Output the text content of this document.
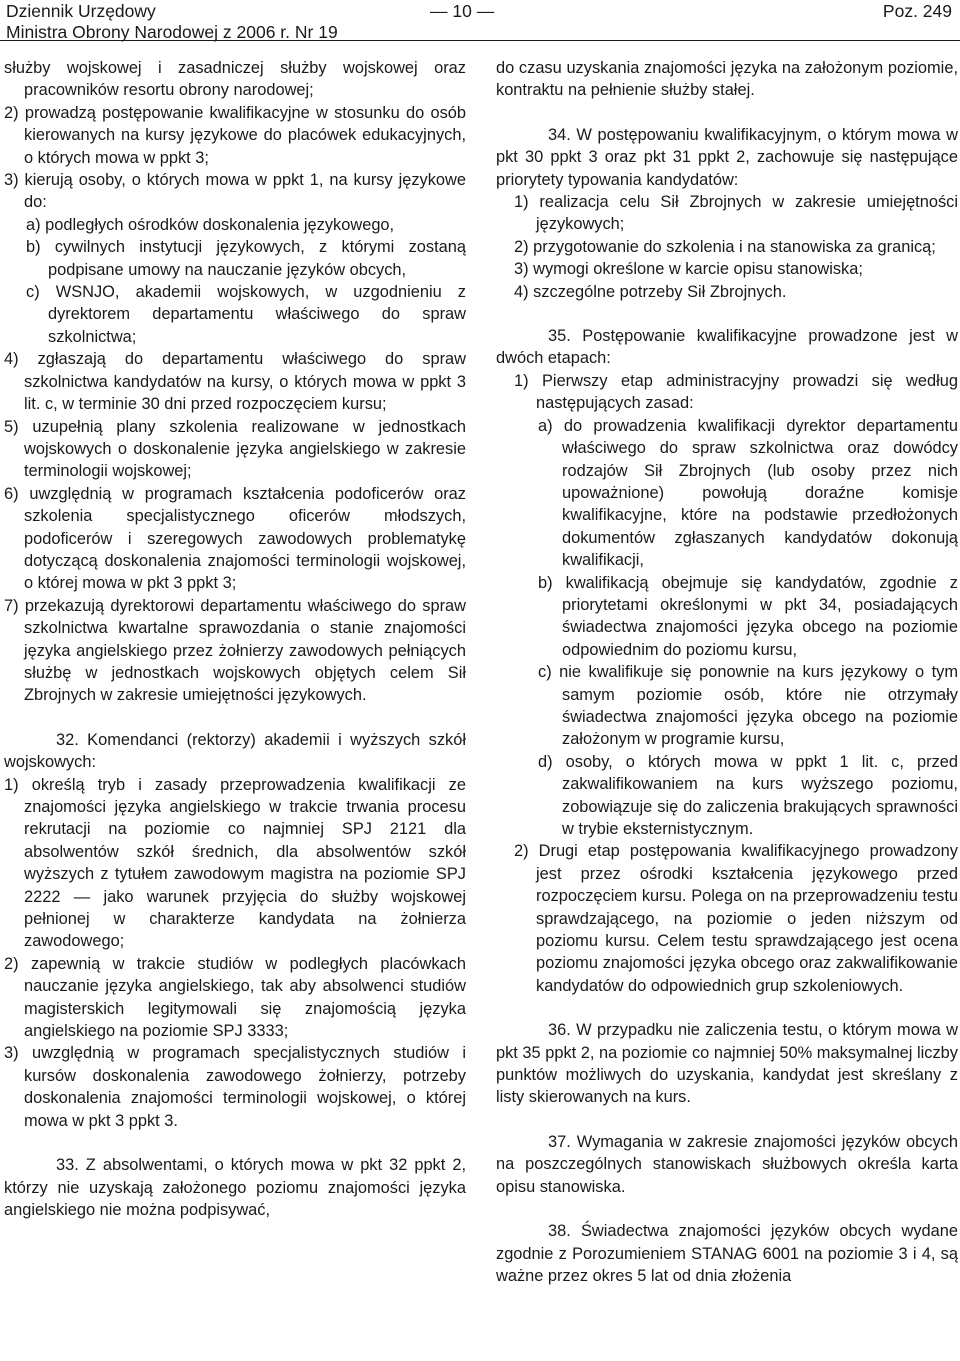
Dziennik Urzędowy
Ministra Obrony Narodowej z 2006 r. Nr 19
— 10 —	Poz. 249

służby wojskowej i zasadniczej służby wojskowej oraz pracowników resortu obrony narodowej;

2) prowadzą postępowanie kwalifikacyjne w stosunku do osób kierowanych na kursy językowe do placówek edukacyjnych, o których mowa w ppkt 3;

3) kierują osoby, o których mowa w ppkt 1, na kursy językowe do:

a) podległych ośrodków doskonalenia językowego,

b) cywilnych instytucji językowych, z którymi zostaną podpisane umowy na nauczanie języków obcych,

c) WSNJO, akademii wojskowych, w uzgodnieniu z dyrektorem departamentu właściwego do spraw szkolnictwa;

4) zgłaszają do departamentu właściwego do spraw szkolnictwa kandydatów na kursy, o których mowa w ppkt 3 lit. c, w terminie 30 dni przed rozpoczęciem kursu;

5) uzupełnią plany szkolenia realizowane w jednostkach wojskowych o doskonalenie języka angielskiego w zakresie terminologii wojskowej;

6) uwzględnią w programach kształcenia podoficerów oraz szkolenia specjalistycznego oficerów młodszych, podoficerów i szeregowych zawodowych problematykę dotyczącą doskonalenia znajomości terminologii wojskowej, o której mowa w pkt 3 ppkt 3;

7) przekazują dyrektorowi departamentu właściwego do spraw szkolnictwa kwartalne sprawozdania o stanie znajomości języka angielskiego przez żołnierzy zawodowych pełniących służbę w jednostkach wojskowych objętych celem Sił Zbrojnych w zakresie umiejętności językowych.

32. Komendanci (rektorzy) akademii i wyższych szkół wojskowych:

1) określą tryb i zasady przeprowadzenia kwalifikacji ze znajomości języka angielskiego w trakcie trwania procesu rekrutacji na poziomie co najmniej SPJ 2121 dla absolwentów szkół średnich, dla absolwentów szkół wyższych z tytułem zawodowym magistra na poziomie SPJ 2222 — jako warunek przyjęcia do służby wojskowej pełnionej w charakterze kandydata na żołnierza zawodowego;

2) zapewnią w trakcie studiów w podległych placówkach nauczanie języka angielskiego, tak aby absolwenci studiów magisterskich legitymowali się znajomością języka angielskiego na poziomie SPJ 3333;

3) uwzględnią w programach specjalistycznych studiów i kursów doskonalenia zawodowego żołnierzy, potrzeby doskonalenia znajomości terminologii wojskowej, o której mowa w pkt 3 ppkt 3.

33. Z absolwentami, o których mowa w pkt 32 ppkt 2, którzy nie uzyskają założonego poziomu znajomości języka angielskiego nie można podpisywać,

do czasu uzyskania znajomości języka na założonym poziomie, kontraktu na pełnienie służby stałej.

34. W postępowaniu kwalifikacyjnym, o którym mowa w pkt 30 ppkt 3 oraz pkt 31 ppkt 2, zachowuje się następujące priorytety typowania kandydatów:

1) realizacja celu Sił Zbrojnych w zakresie umiejętności językowych;

2) przygotowanie do szkolenia i na stanowiska za granicą;

3) wymogi określone w karcie opisu stanowiska;

4) szczególne potrzeby Sił Zbrojnych.

35. Postępowanie kwalifikacyjne prowadzone jest w dwóch etapach:

1) Pierwszy etap administracyjny prowadzi się według następujących zasad:

a) do prowadzenia kwalifikacji dyrektor departamentu właściwego do spraw szkolnictwa oraz dowódcy rodzajów Sił Zbrojnych (lub osoby przez nich upoważnione) powołują doraźne komisje kwalifikacyjne, które na podstawie przedłożonych dokumentów zgłaszanych kandydatów dokonują kwalifikacji,

b) kwalifikacją obejmuje się kandydatów, zgodnie z priorytetami określonymi w pkt 34, posiadających świadectwa znajomości języka obcego na poziomie odpowiednim do poziomu kursu,

c) nie kwalifikuje się ponownie na kurs językowy o tym samym poziomie osób, które nie otrzymały świadectwa znajomości języka obcego na poziomie założonym w programie kursu,

d) osoby, o których mowa w ppkt 1 lit. c, przed zakwalifikowaniem na kurs wyższego poziomu, zobowiązuje się do zaliczenia brakujących sprawności w trybie eksternistycznym.

2) Drugi etap postępowania kwalifikacyjnego prowadzony jest przez ośrodki kształcenia językowego przed rozpoczęciem kursu. Polega on na przeprowadzeniu testu sprawdzającego, na poziomie o jeden niższym od poziomu kursu. Celem testu sprawdzającego jest ocena poziomu znajomości języka obcego oraz zakwalifikowanie kandydatów do odpowiednich grup szkoleniowych.

36. W przypadku nie zaliczenia testu, o którym mowa w pkt 35 ppkt 2, na poziomie co najmniej 50% maksymalnej liczby punktów możliwych do uzyskania, kandydat jest skreślany z listy skierowanych na kurs.

37. Wymagania w zakresie znajomości języków obcych na poszczególnych stanowiskach służbowych określa karta opisu stanowiska.

38. Świadectwa znajomości języków obcych wydane zgodnie z Porozumieniem STANAG 6001 na poziomie 3 i 4, są ważne przez okres 5 lat od dnia złożenia
